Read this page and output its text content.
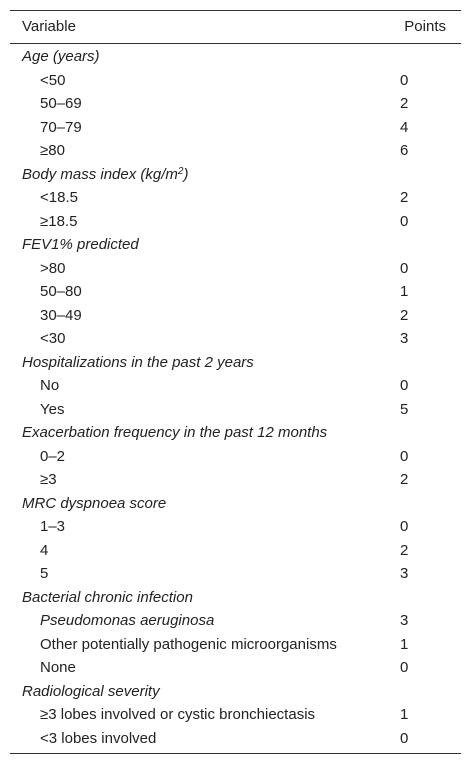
Variable	Points
Age (years)
<50	0
50–69	2
70–79	4
≥80	6
Body mass index $(kg/m^2)$
<18.5	2
≥18.5	0
FEV1% predicted
>80	0
50–80	1
30–49	2
<30	3
Hospitalizations in the past 2 years
No	0
Yes	5
Exacerbation frequency in the past 12 months
0–2	0
≥3	2
MRC dyspnoea score
1–3	0
4	2
5	3
Bacterial chronic infection
Pseudomonas aeruginosa	3
Other potentially pathogenic microorganisms	1
None	0
Radiological severity
≥3 lobes involved or cystic bronchiectasis	1
<3 lobes involved	0
